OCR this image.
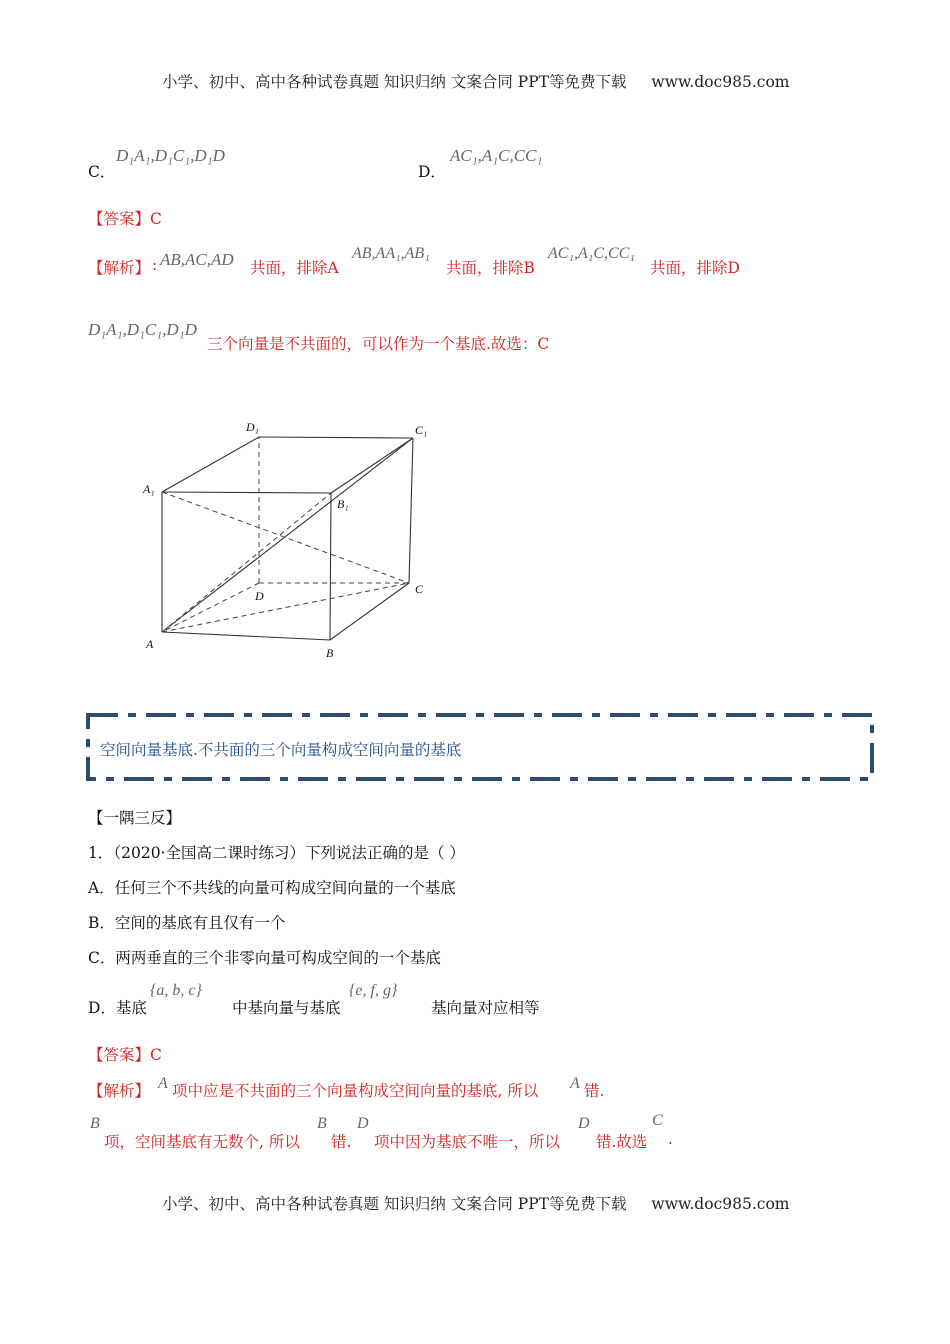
小学、初中、高中各种试卷真题 知识归纳 文案合同 PPT等免费下载 www.doc985.com
C．
D₁A₁,D₁C₁,D₁D
D．
AC₁,A₁C,CC₁
【答案】C
【解析】 : AB,AC,AD 共面，排除A
AB,AA₁,AB₁
共面，排除B
AC₁,A₁C,CC₁
共面，排除D
D₁A₁,D₁C₁,D₁D
三个向量是不共面的，可以作为一个基底.故选：C
D₁	C₁
A₁
B₁
D	C
A
B
空间向量基底.不共面的三个向量构成空间向量的基底
【一隅三反】
1．（2020·全国高二课时练习）下列说法正确的是（ ）
A．任何三个不共线的向量可构成空间向量的一个基底
B．空间的基底有且仅有一个
C．两两垂直的三个非零向量可构成空间的一个基底
D．基底
{a, b, c}
中基向量与基底
{e, f, g}
基向量对应相等
【答案】C
【解析】 A 项中应是不共面的三个向量构成空间向量的基底, 所以 A 错.
B
项，空间基底有无数个, 所以
B
错.
D
项中因为基底不唯一，所以
D
错.故选
C
.
小学、初中、高中各种试卷真题 知识归纳 文案合同 PPT等免费下载 www.doc985.com
